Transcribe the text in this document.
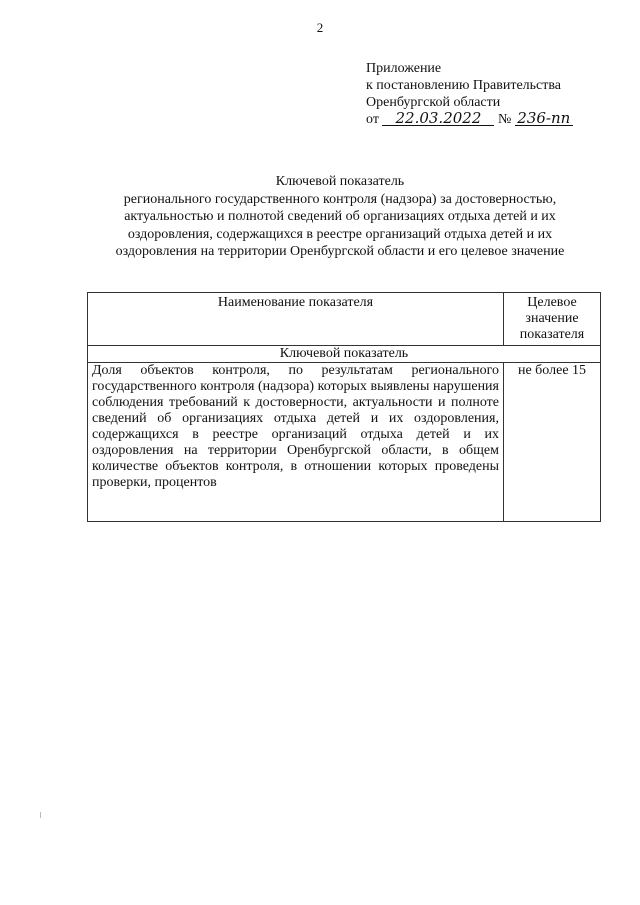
2
Приложение
к постановлению Правительства
Оренбургской области
от 22.03.2022 № 236-пп
Ключевой показатель
регионального государственного контроля (надзора) за достоверностью,
актуальностью и полнотой сведений об организациях отдыха детей и их
оздоровления, содержащихся в реестре организаций отдыха детей и их
оздоровления на территории Оренбургской области и его целевое значение
Наименование показателя	Целевое
значение
показателя

Ключевой показатель	
Доля объектов контроля, по результатам регионального государственного контроля (надзора) которых выявлены нарушения соблюдения требований к достоверности, актуальности и полноте сведений об организациях отдыха детей и их оздоровления, содержащихся в реестре организаций отдыха детей и их оздоровления на территории Оренбургской области, в общем количестве объектов контроля, в отношении которых проведены проверки, процентов	не более 15
